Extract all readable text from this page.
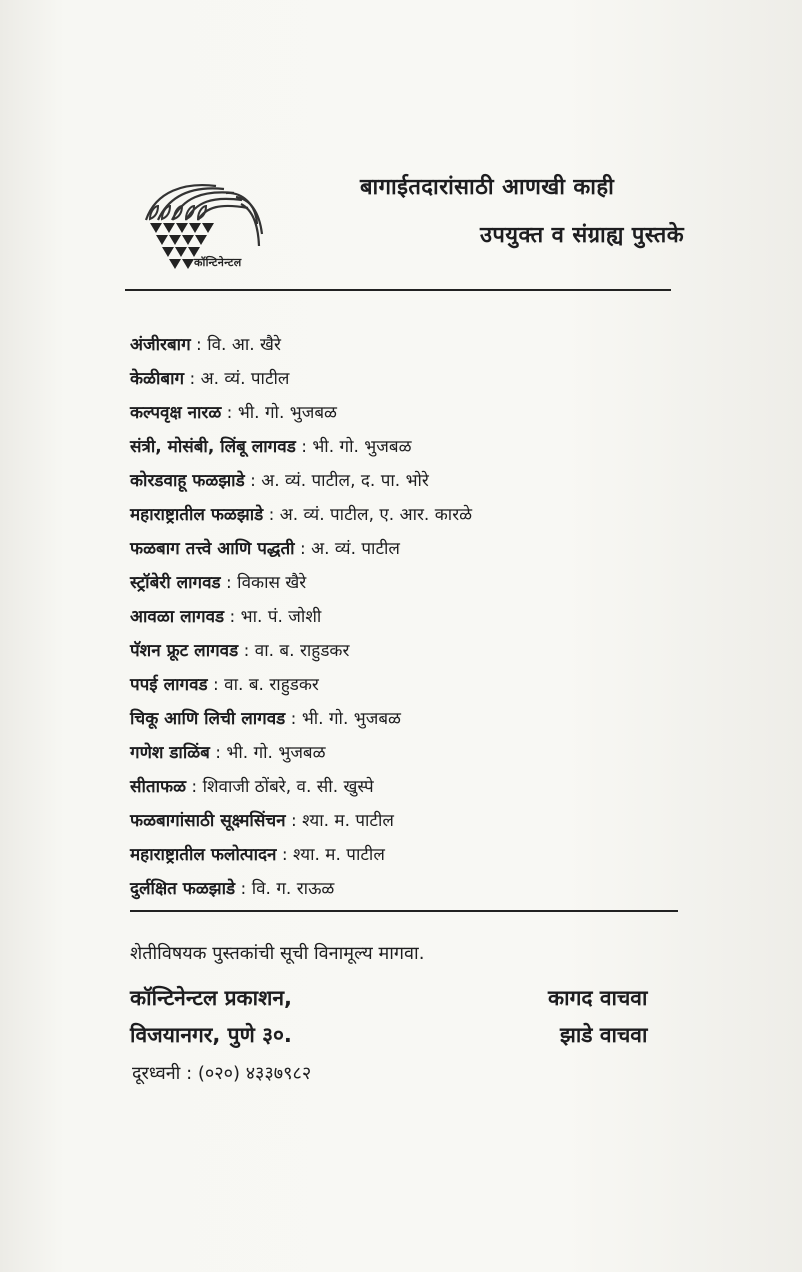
कॉन्टिनेन्टल
बागाईतदारांसाठी आणखी काही
उपयुक्त व संग्राह्य पुस्तके
अंजीरबाग : वि. आ. खैरे
केळीबाग : अ. व्यं. पाटील
कल्पवृक्ष नारळ : भी. गो. भुजबळ
संत्री, मोसंबी, लिंबू लागवड : भी. गो. भुजबळ
कोरडवाहू फळझाडे : अ. व्यं. पाटील, द. पा. भोरे
महाराष्ट्रातील फळझाडे : अ. व्यं. पाटील, ए. आर. कारळे
फळबाग तत्त्वे आणि पद्धती : अ. व्यं. पाटील
स्ट्रॉबेरी लागवड : विकास खैरे
आवळा लागवड : भा. पं. जोशी
पॅशन फ्रूट लागवड : वा. ब. राहुडकर
पपई लागवड : वा. ब. राहुडकर
चिकू आणि लिची लागवड : भी. गो. भुजबळ
गणेश डाळिंब : भी. गो. भुजबळ
सीताफळ : शिवाजी ठोंबरे, व. सी. खुस्पे
फळबागांसाठी सूक्ष्मसिंचन : श्या. म. पाटील
महाराष्ट्रातील फलोत्पादन : श्या. म. पाटील
दुर्लक्षित फळझाडे : वि. ग. राऊळ
शेतीविषयक पुस्तकांची सूची विनामूल्य मागवा.
कॉन्टिनेन्टल प्रकाशन,
विजयानगर, पुणे ३०.
कागद वाचवा
झाडे वाचवा
दूरध्वनी : (०२०) ४३३७९८२
